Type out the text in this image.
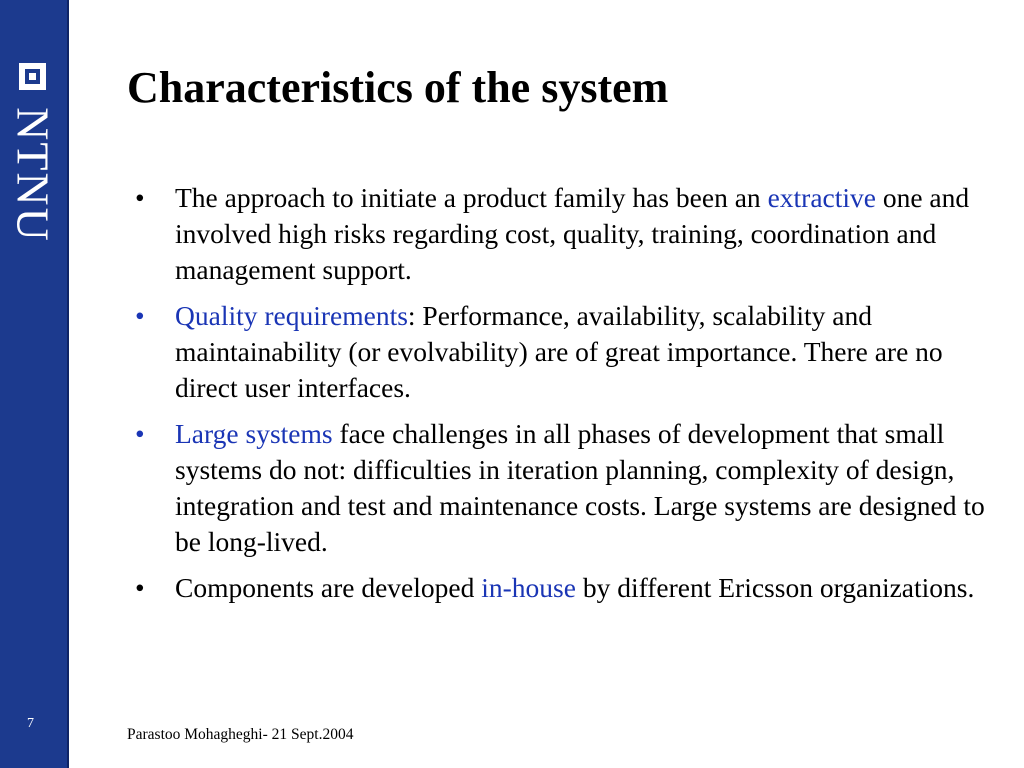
NTNU
7
Characteristics of the system
• The approach to initiate a product family has been an extractive one and involved high risks regarding cost, quality, training, coordination and management support.
• Quality requirements: Performance, availability, scalability and maintainability (or evolvability) are of great importance. There are no direct user interfaces.
• Large systems face challenges in all phases of development that small systems do not: difficulties in iteration planning, complexity of design, integration and test and maintenance costs. Large systems are designed to be long-lived.
• Components are developed in-house by different Ericsson organizations.
Parastoo Mohagheghi- 21 Sept.2004
